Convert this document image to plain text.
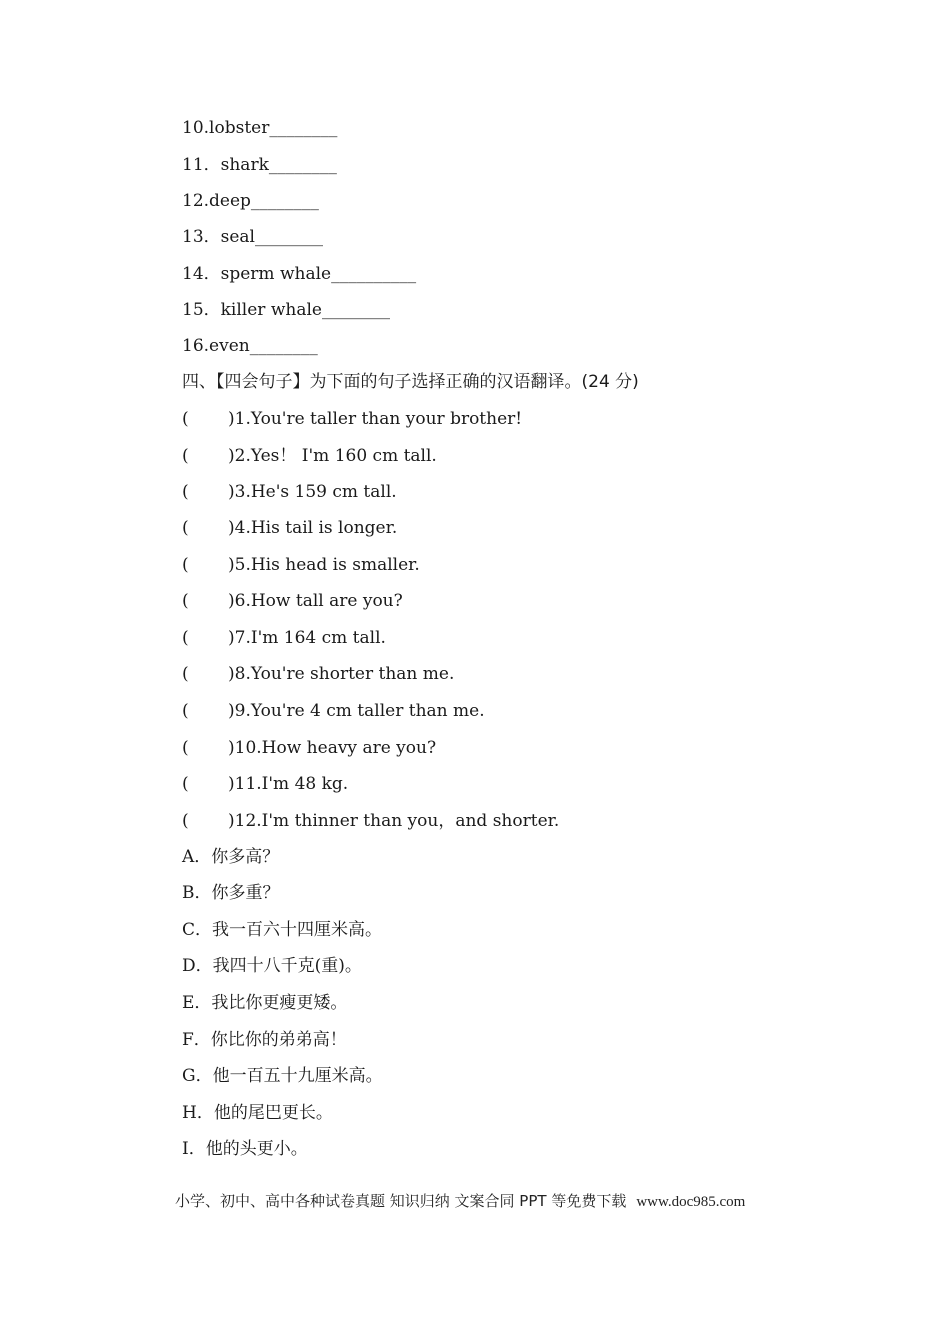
10.lobster________
11．shark________
12.deep________
13．seal________
14．sperm whale__________
15．killer whale________
16.even________
四、【四会句子】为下面的句子选择正确的汉语翻译。(24 分)
( )1.You're taller than your brother!
( )2.Yes！ I'm 160 cm tall.
( )3.He's 159 cm tall.
( )4.His tail is longer.
( )5.His head is smaller.
( )6.How tall are you?
( )7.I'm 164 cm tall.
( )8.You're shorter than me.
( )9.You're 4 cm taller than me.
( )10.How heavy are you?
( )11.I'm 48 kg.
( )12.I'm thinner than you，and shorter.
A．你多高？
B．你多重？
C．我一百六十四厘米高。
D．我四十八千克(重)。
E．我比你更瘦更矮。
F．你比你的弟弟高！
G．他一百五十九厘米高。
H．他的尾巴更长。
I．他的头更小。
小学、初中、高中各种试卷真题 知识归纳 文案合同 PPT 等免费下载 www.doc985.com
